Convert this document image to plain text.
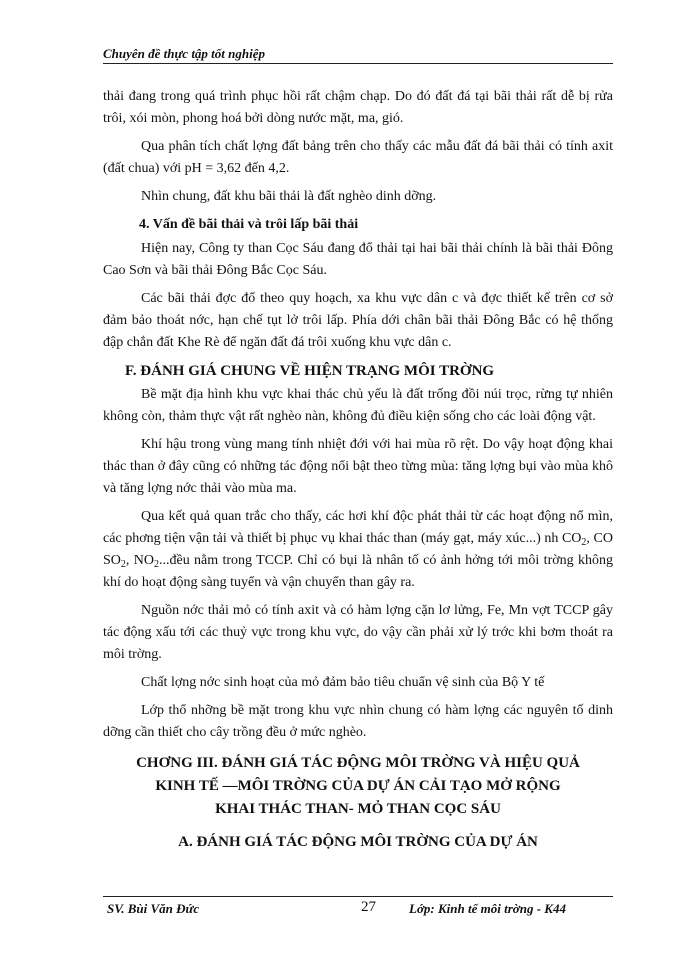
Chuyên đề thực tập tốt nghiệp

thải đang trong quá trình phục hồi rất chậm chạp. Do đó đất đá tại bãi thải rất dễ bị rửa trôi, xói mòn, phong hoá bởi dòng nước mặt, ma, gió.

Qua phân tích chất lợng đất bảng trên cho thấy các mẫu đất đá bãi thải có tính axit (đất chua) với pH = 3,62 đến 4,2.

Nhìn chung, đất khu bãi thải là đất nghèo dinh dỡng.

4. Vấn đề bãi thải và trôi lấp bãi thải

Hiện nay, Công ty than Cọc Sáu đang đổ thải tại hai bãi thải chính là bãi thải Đông Cao Sơn và bãi thải Đông Bắc Cọc Sáu.

Các bãi thải đợc đổ theo quy hoạch, xa khu vực dân c và đợc thiết kế trên cơ sở đảm bảo thoát nớc, hạn chế tụt lở trôi lấp. Phía dới chân bãi thải Đông Bắc có hệ thống đập chắn đất Khe Rè để ngăn đất đá trôi xuống khu vực dân c.

F. ĐÁNH GIÁ CHUNG VỀ HIỆN TRẠNG MÔI TRỜNG

Bề mặt địa hình khu vực khai thác chủ yếu là đất trống đồi núi trọc, rừng tự nhiên không còn, thảm thực vật rất nghèo nàn, không đủ điều kiện sống cho các loài động vật.

Khí hậu trong vùng mang tính nhiệt đới với hai mùa rõ rệt. Do vậy hoạt động khai thác than ở đây cũng có những tác động nổi bật theo từng mùa: tăng lợng bụi vào mùa khô và tăng lợng nớc thải vào mùa ma.

Qua kết quả quan trắc cho thấy, các hơi khí độc phát thải từ các hoạt động nổ mìn, các phơng tiện vận tải và thiết bị phục vụ khai thác than (máy gạt, máy xúc...) nh $CO_2$, CO $SO_2$, $NO_2...đều$ nằm trong TCCP. Chỉ có bụi là nhân tố có ảnh hởng tới môi trờng không khí do hoạt động sàng tuyển và vận chuyển than gây ra.

Nguồn nớc thải mỏ có tính axit và có hàm lợng cặn lơ lửng, Fe, Mn vợt TCCP gây tác động xấu tới các thuỷ vực trong khu vực, do vậy cần phải xử lý trớc khi bơm thoát ra môi trờng.

Chất lợng nớc sinh hoạt của mỏ đảm bảo tiêu chuẩn vệ sinh của Bộ Y tế

Lớp thổ nhỡng bề mặt trong khu vực nhìn chung có hàm lợng các nguyên tố dinh dỡng cần thiết cho cây trồng đều ở mức nghèo.

CHƠNG III. ĐÁNH GIÁ TÁC ĐỘNG MÔI TRỜNG VÀ HIỆU QUẢ
KINH TẾ —MÔI TRỜNG CỦA DỰ ÁN CẢI TẠO MỞ RỘNG
KHAI THÁC THAN- MỎ THAN CỌC SÁU
A. ĐÁNH GIÁ TÁC ĐỘNG MÔI TRỜNG CỦA DỰ ÁN
SV. Bùi Văn Đức	27	Lớp: Kinh tế môi trờng - K44
